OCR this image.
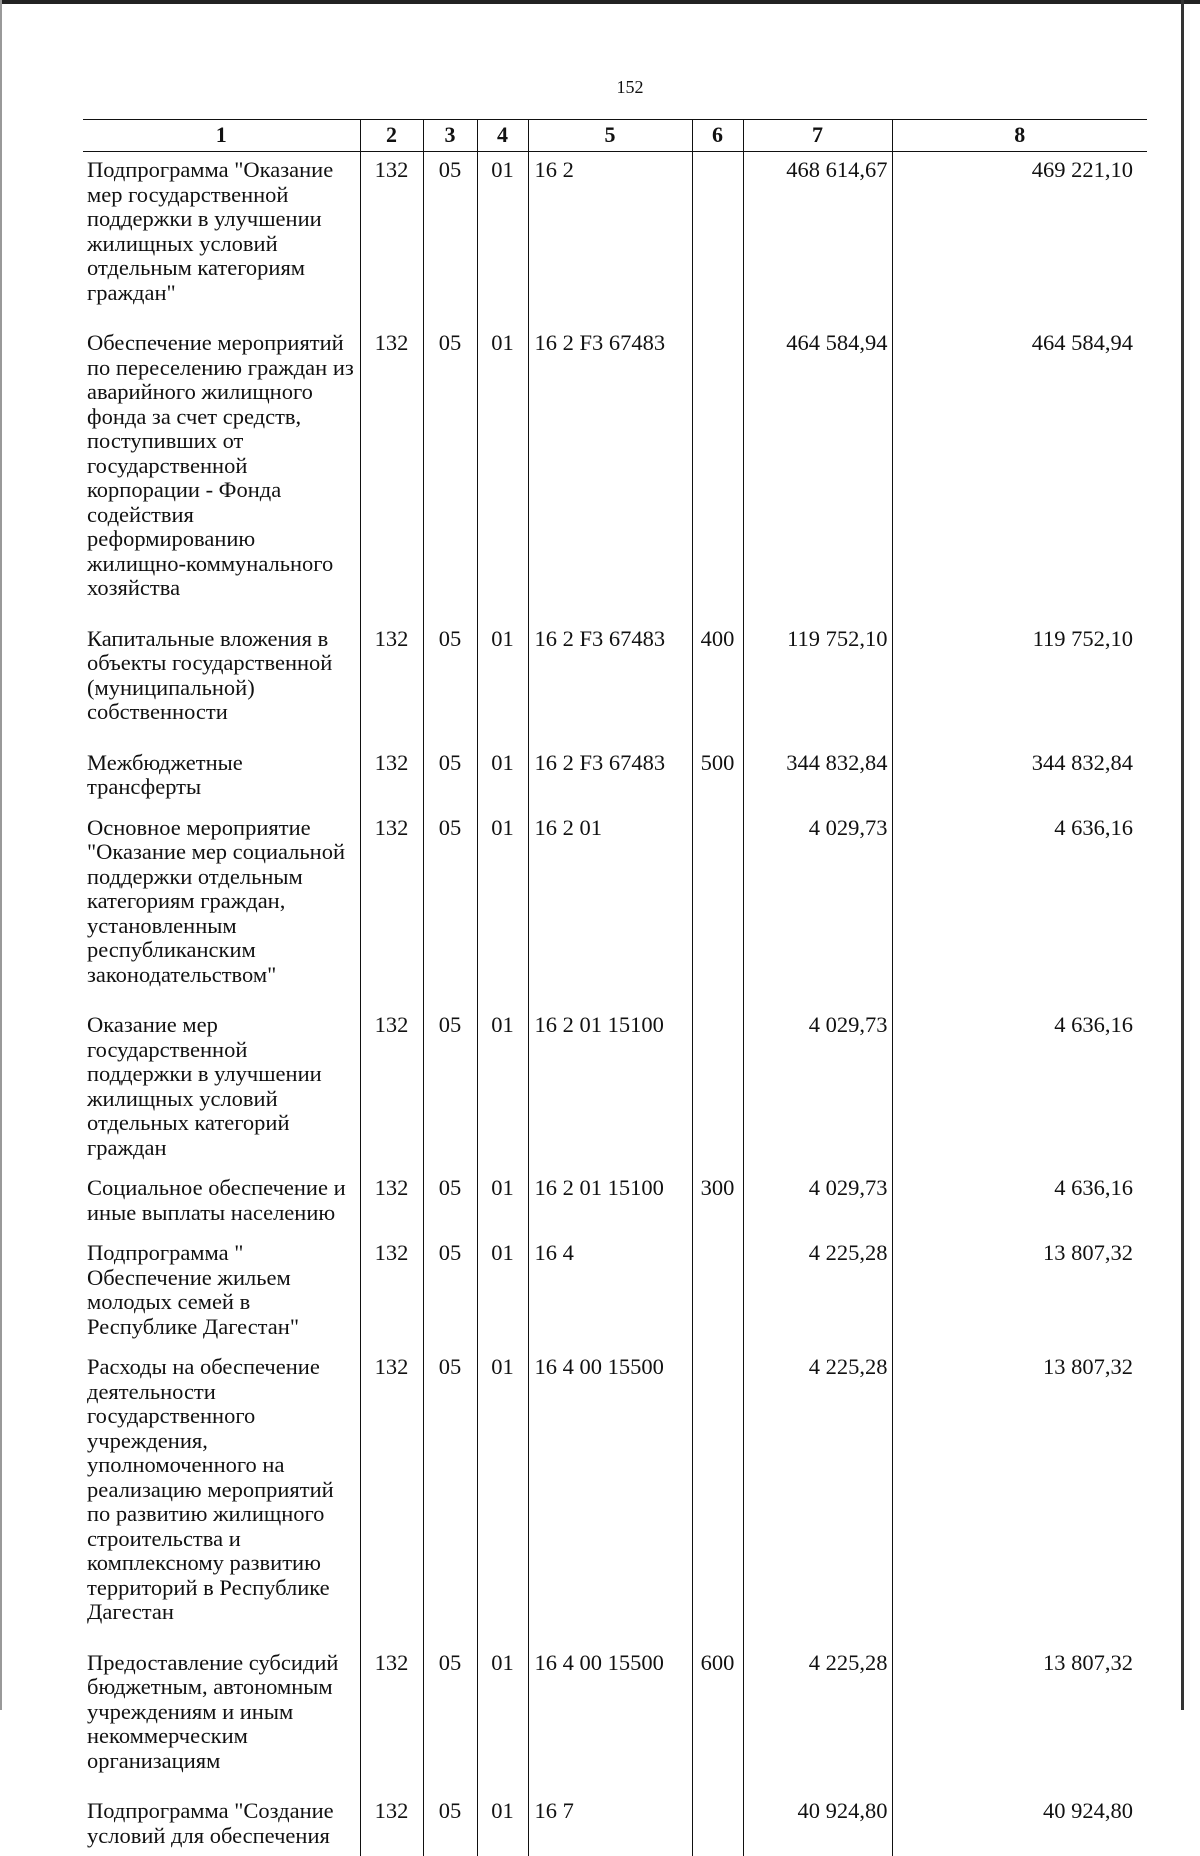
152
1	2	3	4	5	6	7	8
Подпрограмма "Оказание мер государственной поддержки в улучшении жилищных условий отдельным категориям граждан"	132	05	01	16 2		468 614,67	469 221,10
Обеспечение мероприятий по переселению граждан из аварийного жилищного фонда за счет средств, поступивших от государственной корпорации - Фонда содействия реформированию жилищно-коммунального хозяйства	132	05	01	16 2 F3 67483		464 584,94	464 584,94
Капитальные вложения в объекты государственной (муниципальной) собственности	132	05	01	16 2 F3 67483	400	119 752,10	119 752,10
Межбюджетные трансферты	132	05	01	16 2 F3 67483	500	344 832,84	344 832,84
Основное мероприятие "Оказание мер социальной поддержки отдельным категориям граждан, установленным республиканским законодательством"	132	05	01	16 2 01		4 029,73	4 636,16
Оказание мер государственной поддержки в улучшении жилищных условий отдельных категорий граждан	132	05	01	16 2 01 15100		4 029,73	4 636,16
Социальное обеспечение и иные выплаты населению	132	05	01	16 2 01 15100	300	4 029,73	4 636,16
Подпрограмма " Обеспечение жильем молодых семей в Республике Дагестан"	132	05	01	16 4		4 225,28	13 807,32
Расходы на обеспечение деятельности государственного учреждения, уполномоченного на реализацию мероприятий по развитию жилищного строительства и комплексному развитию территорий в Республике Дагестан	132	05	01	16 4 00 15500		4 225,28	13 807,32
Предоставление субсидий бюджетным, автономным учреждениям и иным некоммерческим организациям	132	05	01	16 4 00 15500	600	4 225,28	13 807,32
Подпрограмма "Создание условий для обеспечения	132	05	01	16 7		40 924,80	40 924,80
